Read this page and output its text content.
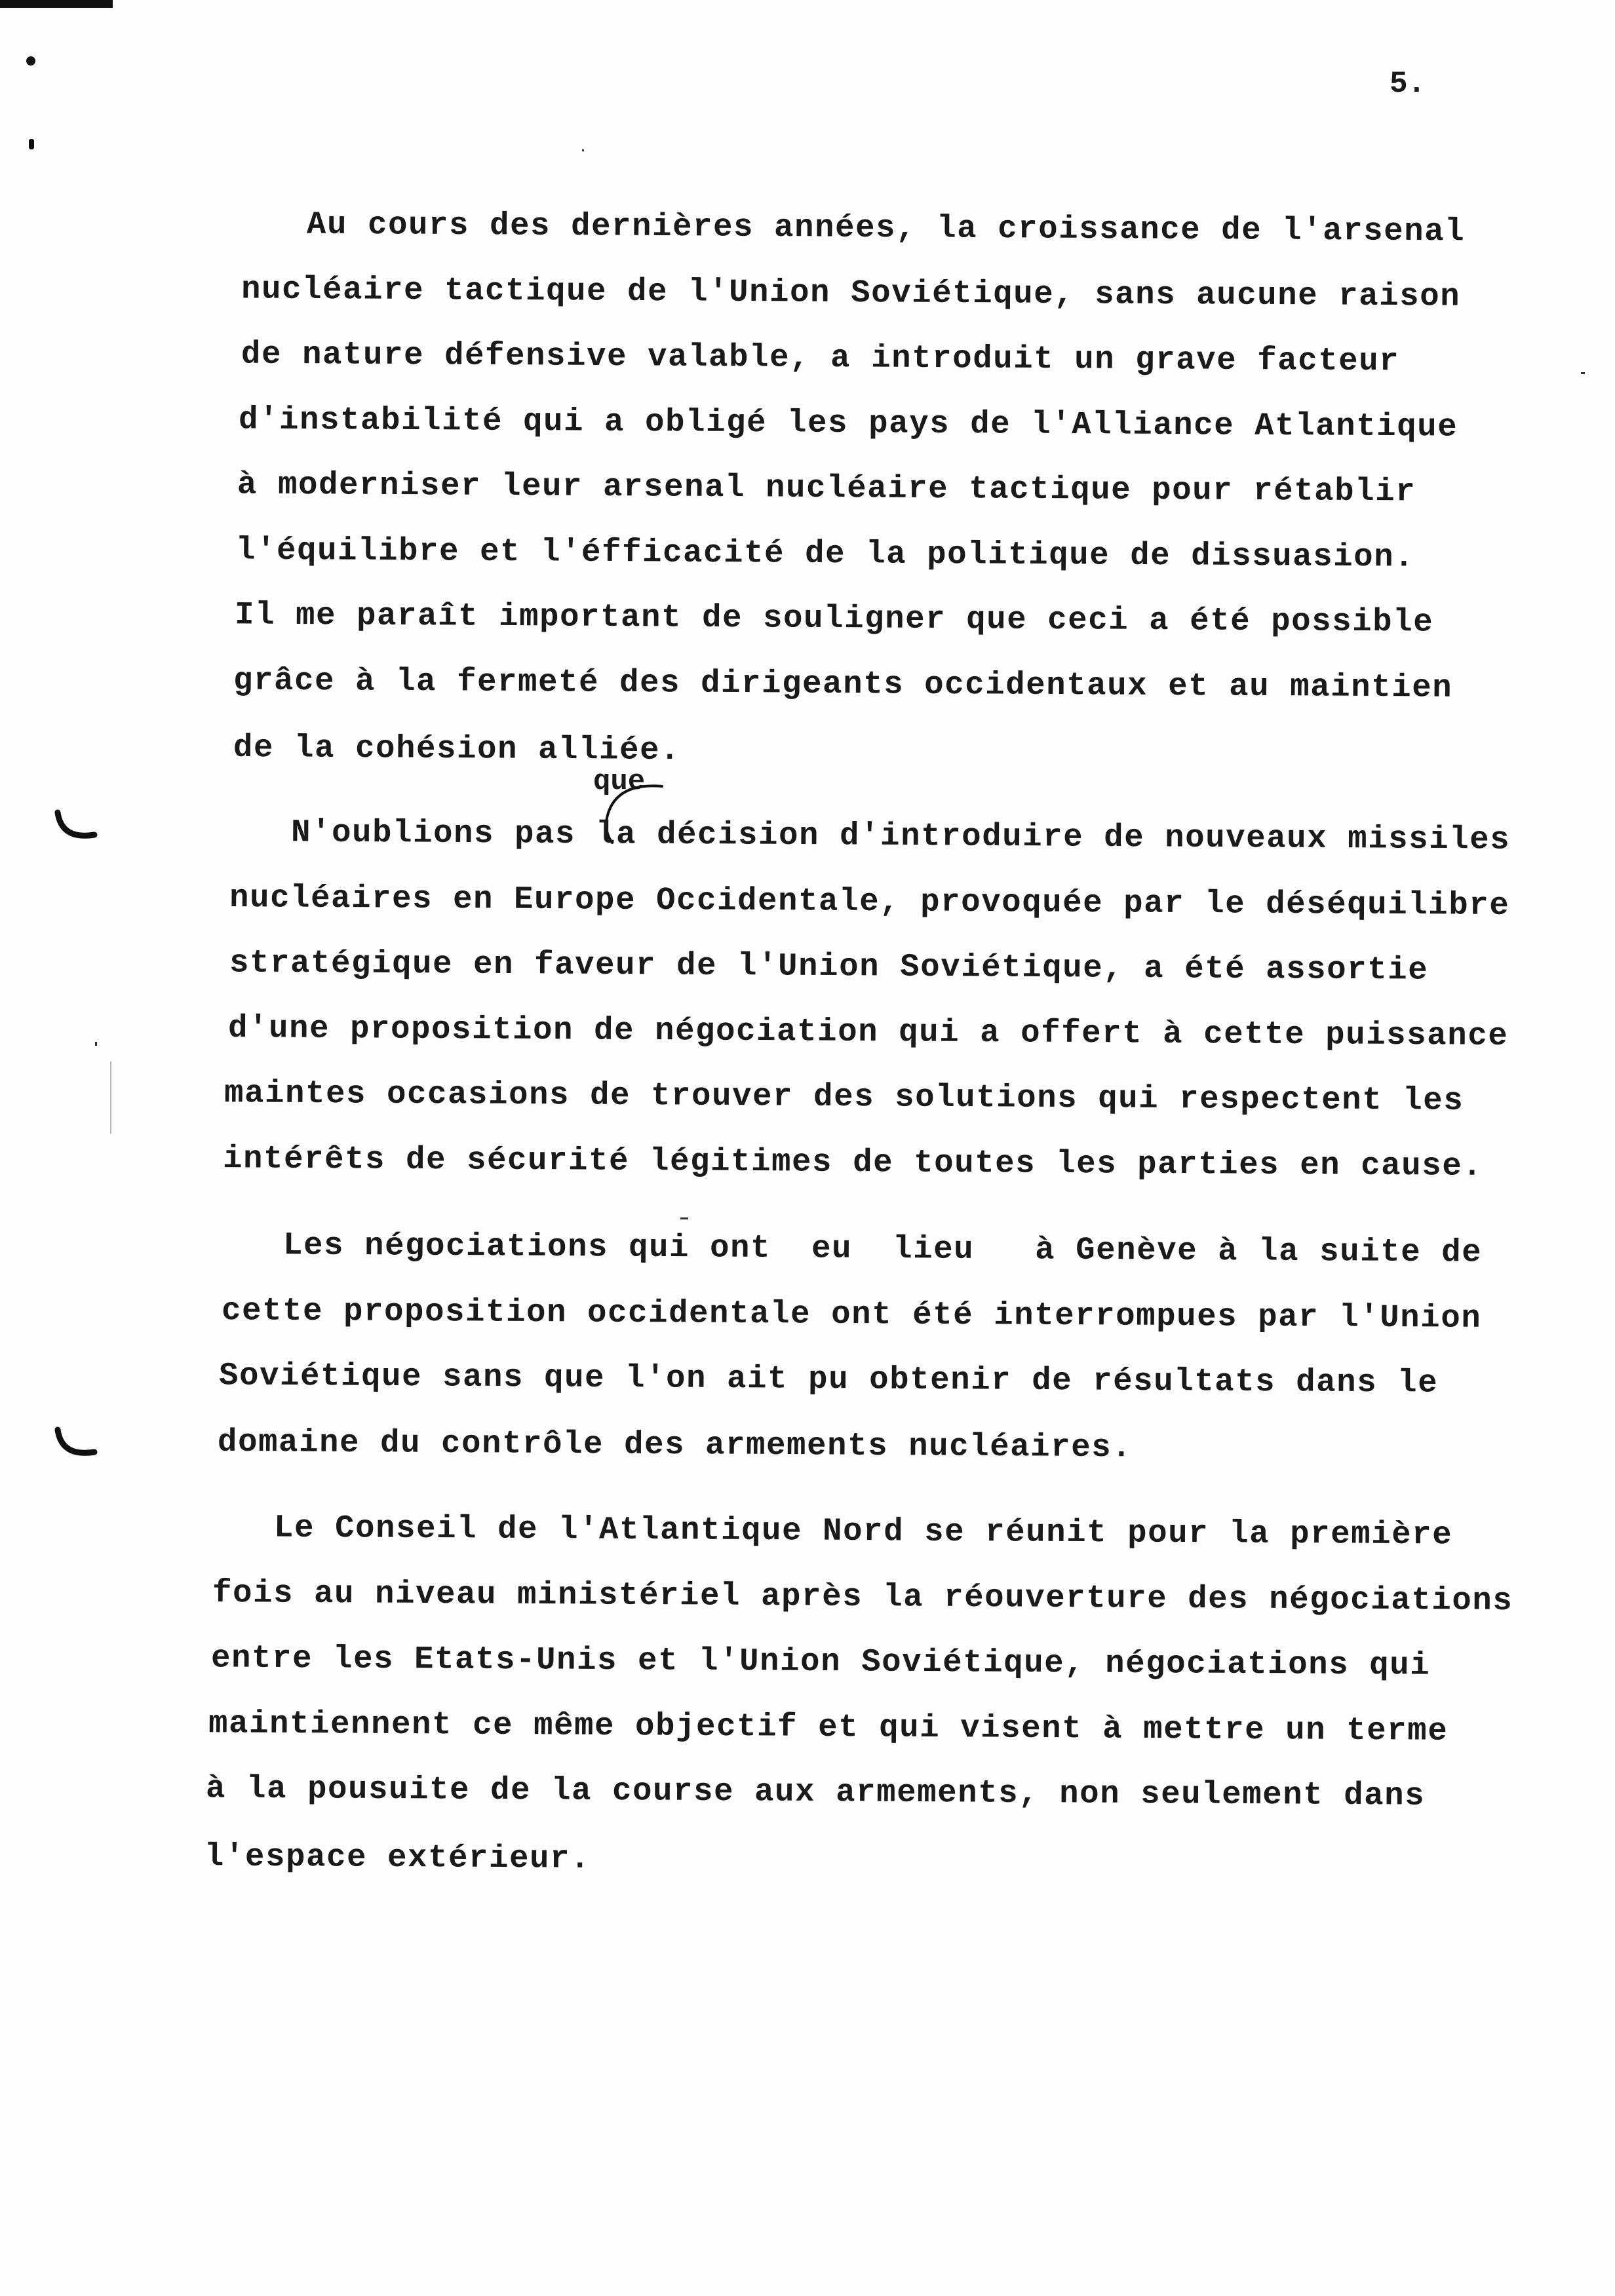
5.
que
Au cours des dernières années, la croissance de l'arsenal
nucléaire tactique de l'Union Soviétique, sans aucune raison
de nature défensive valable, a introduit un grave facteur
d'instabilité qui a obligé les pays de l'Alliance Atlantique
à moderniser leur arsenal nucléaire tactique pour rétablir
l'équilibre et l'éfficacité de la politique de dissuasion.
Il me paraît important de souligner que ceci a été possible
grâce à la fermeté des dirigeants occidentaux et au maintien
de la cohésion alliée.
N'oublions pas la décision d'introduire de nouveaux missiles
nucléaires en Europe Occidentale, provoquée par le déséquilibre
stratégique en faveur de l'Union Soviétique, a été assortie
d'une proposition de négociation qui a offert à cette puissance
maintes occasions de trouver des solutions qui respectent les
intérêts de sécurité légitimes de toutes les parties en cause.
Les négociations qui ont  eu  lieu   à Genève à la suite de
cette proposition occidentale ont été interrompues par l'Union
Soviétique sans que l'on ait pu obtenir de résultats dans le
domaine du contrôle des armements nucléaires.
Le Conseil de l'Atlantique Nord se réunit pour la première
fois au niveau ministériel après la réouverture des négociations
entre les Etats-Unis et l'Union Soviétique, négociations qui
maintiennent ce même objectif et qui visent à mettre un terme
à la pousuite de la course aux armements, non seulement dans
l'espace extérieur.
